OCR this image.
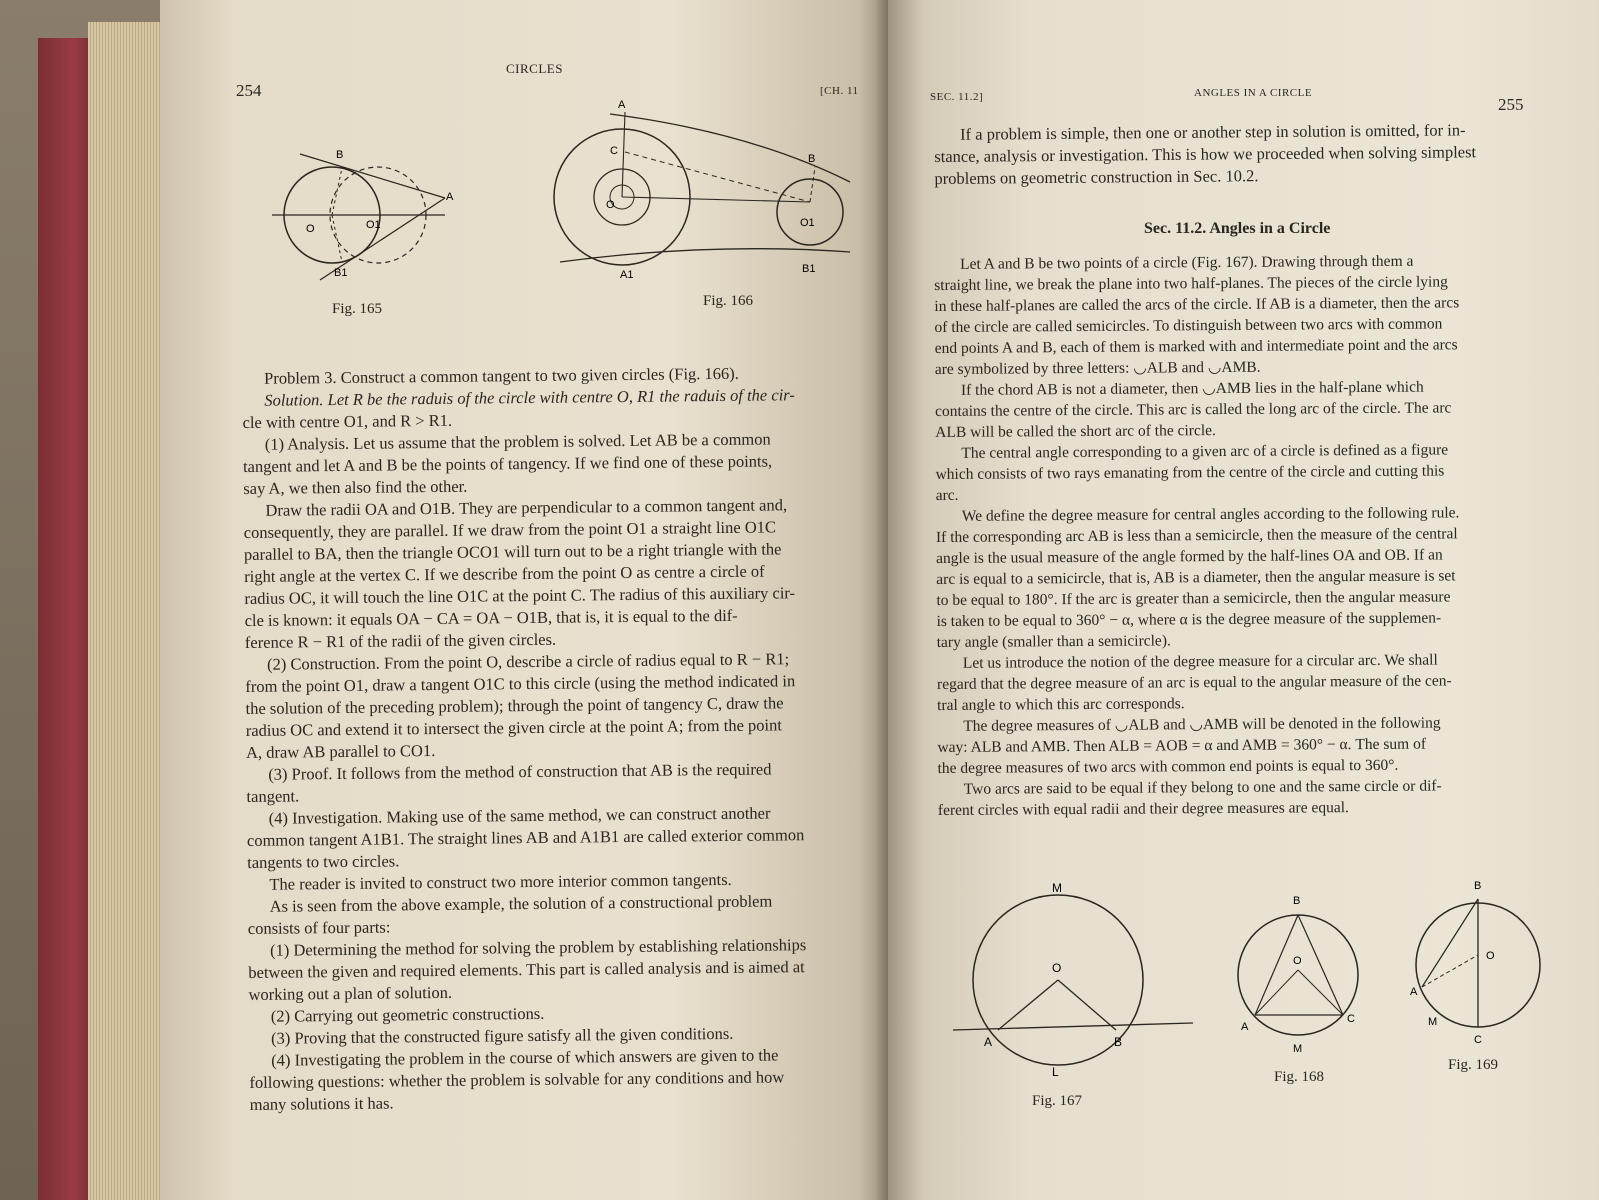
CIRCLES
254	[CH. 11
B
O	O1
A
B1
Fig. 165
A
C
O
B
O1
A1	B1
Fig. 166

Problem 3. Construct a common tangent to two given circles (Fig. 166).

Solution. Let R be the raduis of the circle with centre O, R1 the raduis of the cir-

cle with centre O1, and R > R1.

(1) Analysis. Let us assume that the problem is solved. Let AB be a common

tangent and let A and B be the points of tangency. If we find one of these points,

say A, we then also find the other.

Draw the radii OA and O1B. They are perpendicular to a common tangent and,

consequently, they are parallel. If we draw from the point O1 a straight line O1C

parallel to BA, then the triangle OCO1 will turn out to be a right triangle with the

right angle at the vertex C. If we describe from the point O as centre a circle of

radius OC, it will touch the line O1C at the point C. The radius of this auxiliary cir-

cle is known: it equals OA − CA = OA − O1B, that is, it is equal to the dif-

ference R − R1 of the radii of the given circles.

(2) Construction. From the point O, describe a circle of radius equal to R − R1;

from the point O1, draw a tangent O1C to this circle (using the method indicated in

the solution of the preceding problem); through the point of tangency C, draw the

radius OC and extend it to intersect the given circle at the point A; from the point

A, draw AB parallel to CO1.

(3) Proof. It follows from the method of construction that AB is the required

tangent.

(4) Investigation. Making use of the same method, we can construct another

common tangent A1B1. The straight lines AB and A1B1 are called exterior common

tangents to two circles.

The reader is invited to construct two more interior common tangents.

As is seen from the above example, the solution of a constructional problem

consists of four parts:

(1) Determining the method for solving the problem by establishing relationships

between the given and required elements. This part is called analysis and is aimed at

working out a plan of solution.

(2) Carrying out geometric constructions.

(3) Proving that the constructed figure satisfy all the given conditions.

(4) Investigating the problem in the course of which answers are given to the

following questions: whether the problem is solvable for any conditions and how

many solutions it has.

SEC. 11.2]	ANGLES IN A CIRCLE
255

If a problem is simple, then one or another step in solution is omitted, for in-

stance, analysis or investigation. This is how we proceeded when solving simplest

problems on geometric construction in Sec. 10.2.

Sec. 11.2. Angles in a Circle

Let A and B be two points of a circle (Fig. 167). Drawing through them a

straight line, we break the plane into two half-planes. The pieces of the circle lying

in these half-planes are called the arcs of the circle. If AB is a diameter, then the arcs

of the circle are called semicircles. To distinguish between two arcs with common

end points A and B, each of them is marked with and intermediate point and the arcs

are symbolized by three letters: ◡ALB and ◡AMB.

If the chord AB is not a diameter, then ◡AMB lies in the half-plane which

contains the centre of the circle. This arc is called the long arc of the circle. The arc

ALB will be called the short arc of the circle.

The central angle corresponding to a given arc of a circle is defined as a figure

which consists of two rays emanating from the centre of the circle and cutting this

arc.

We define the degree measure for central angles according to the following rule.

If the corresponding arc AB is less than a semicircle, then the measure of the central

angle is the usual measure of the angle formed by the half-lines OA and OB. If an

arc is equal to a semicircle, that is, AB is a diameter, then the angular measure is set

to be equal to 180°. If the arc is greater than a semicircle, then the angular measure

is taken to be equal to 360° − α, where α is the degree measure of the supplemen-

tary angle (smaller than a semicircle).

Let us introduce the notion of the degree measure for a circular arc. We shall

regard that the degree measure of an arc is equal to the angular measure of the cen-

tral angle to which this arc corresponds.

The degree measures of ◡ALB and ◡AMB will be denoted in the following

way: ALB and AMB. Then ALB = AOB = α and AMB = 360° − α. The sum of

the degree measures of two arcs with common end points is equal to 360°.

Two arcs are said to be equal if they belong to one and the same circle or dif-

ferent circles with equal radii and their degree measures are equal.

M
O
A	B
L
Fig. 167
B
O
A
C
M
Fig. 168
B
O
A
M
C
Fig. 169
